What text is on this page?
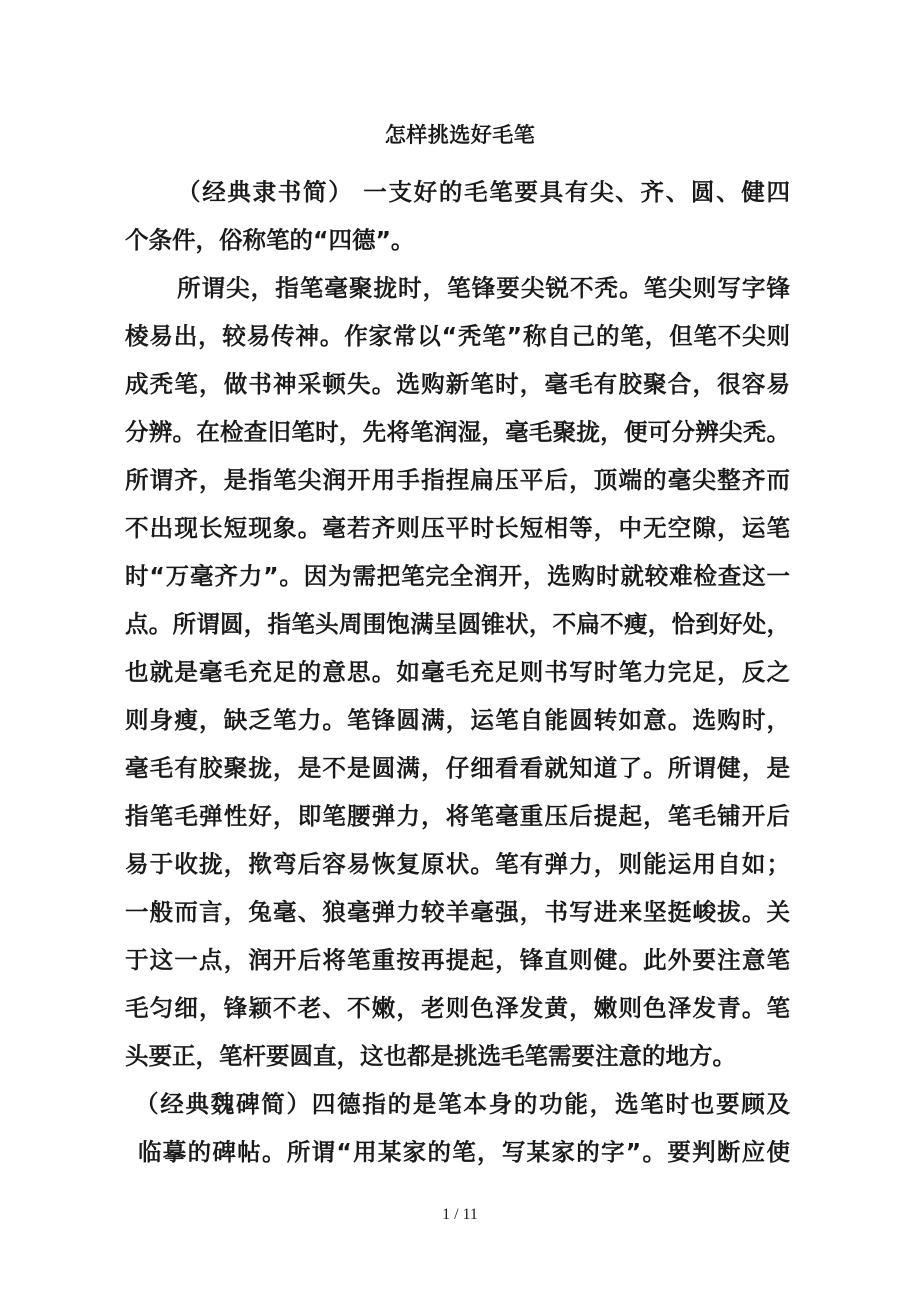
怎样挑选好毛笔
（经典隶书简） 一支好的毛笔要具有尖、齐、圆、健四
个条件，俗称笔的“四德”。
所谓尖，指笔毫聚拢时，笔锋要尖锐不秃。笔尖则写字锋
棱易出，较易传神。作家常以“秃笔”称自己的笔，但笔不尖则
成秃笔，做书神采顿失。选购新笔时，毫毛有胶聚合，很容易
分辨。在检查旧笔时，先将笔润湿，毫毛聚拢，便可分辨尖秃。
所谓齐，是指笔尖润开用手指捏扁压平后，顶端的毫尖整齐而
不出现长短现象。毫若齐则压平时长短相等，中无空隙，运笔
时“万毫齐力”。因为需把笔完全润开，选购时就较难检查这一
点。所谓圆，指笔头周围饱满呈圆锥状，不扁不瘦，恰到好处，
也就是毫毛充足的意思。如毫毛充足则书写时笔力完足，反之
则身瘦，缺乏笔力。笔锋圆满，运笔自能圆转如意。选购时，
毫毛有胶聚拢，是不是圆满，仔细看看就知道了。所谓健，是
指笔毛弹性好，即笔腰弹力，将笔毫重压后提起，笔毛铺开后
易于收拢，揿弯后容易恢复原状。笔有弹力，则能运用自如；
一般而言，兔毫、狼毫弹力较羊毫强，书写进来坚挺峻拔。关
于这一点，润开后将笔重按再提起，锋直则健。此外要注意笔
毛匀细，锋颖不老、不嫩，老则色泽发黄，嫩则色泽发青。笔
头要正，笔杆要圆直，这也都是挑选毛笔需要注意的地方。
（经典魏碑简）四德指的是笔本身的功能，选笔时也要顾及
临摹的碑帖。所谓“用某家的笔，写某家的字”。要判断应使
1 / 11
